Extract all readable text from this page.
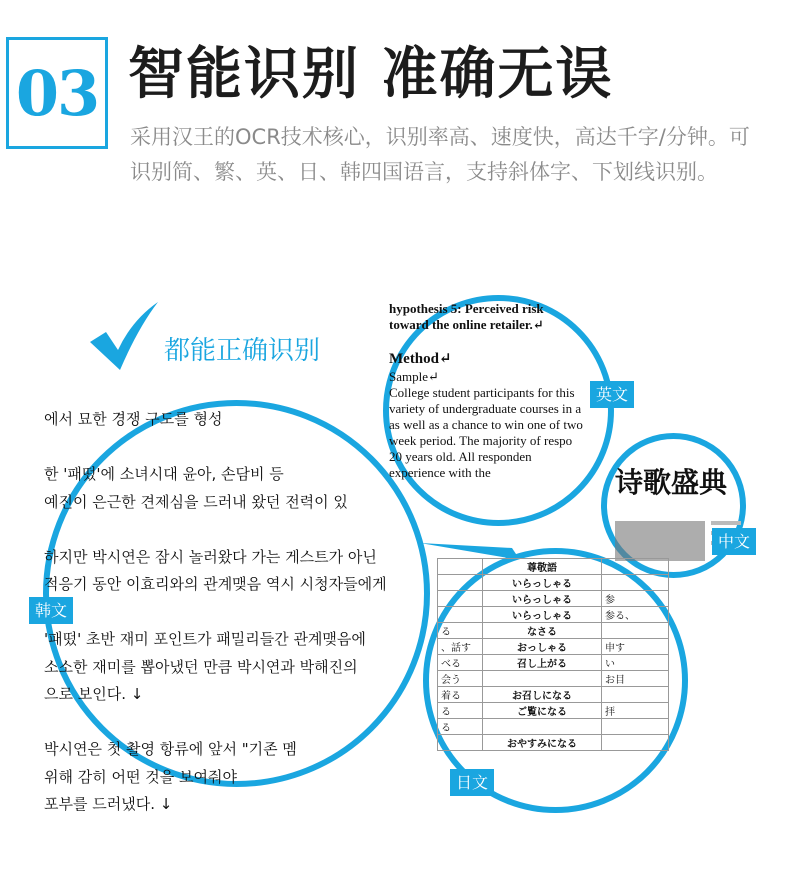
03 智能识别 准确无误

采用汉王的OCR技术核心，识别率高、速度快，高达千字/分钟。可识别简、繁、英、日、韩四国语言，支持斜体字、下划线识别。

都能正确识别
에서 묘한 경쟁 구도를 형성
한 '패떴'에 소녀시대 윤아, 손담비 등
예진이 은근한 견제심을 드러내 왔던 전력이 있
하지만 박시연은 잠시 놀러왔다 가는 게스트가 아닌
적응기 동안 이효리와의 관계맺음 역시 시청자들에게
'패떴' 초반 재미 포인트가 패밀리들간 관계맺음에
소소한 재미를 뽑아냈던 만큼 박시연과 박해진의
으로 보인다. ↓
박시연은 첫 촬영 항류에 앞서 "기존 멤
위해 감히 어떤 것을 보여줘야
포부를 드러냈다. ↓
韩文
hypothesis 5: Perceived risk
toward the online retailer.↵
Method↵
Sample↵
College student participants for this
variety of undergraduate courses in a
as well as a chance to win one of two
week period. The majority of respo
20 years old. All responden
experience with the
英文
诗歌盛典
中文
	尊敬語	
	いらっしゃる	
	いらっしゃる	参
	いらっしゃる	参る、
る	なさる	
、話す	おっしゃる	申す
べる	召し上がる	い
会う		お目
着る	お召しになる	
る	ご覧になる	拝
る		
	おやすみになる	
日文
